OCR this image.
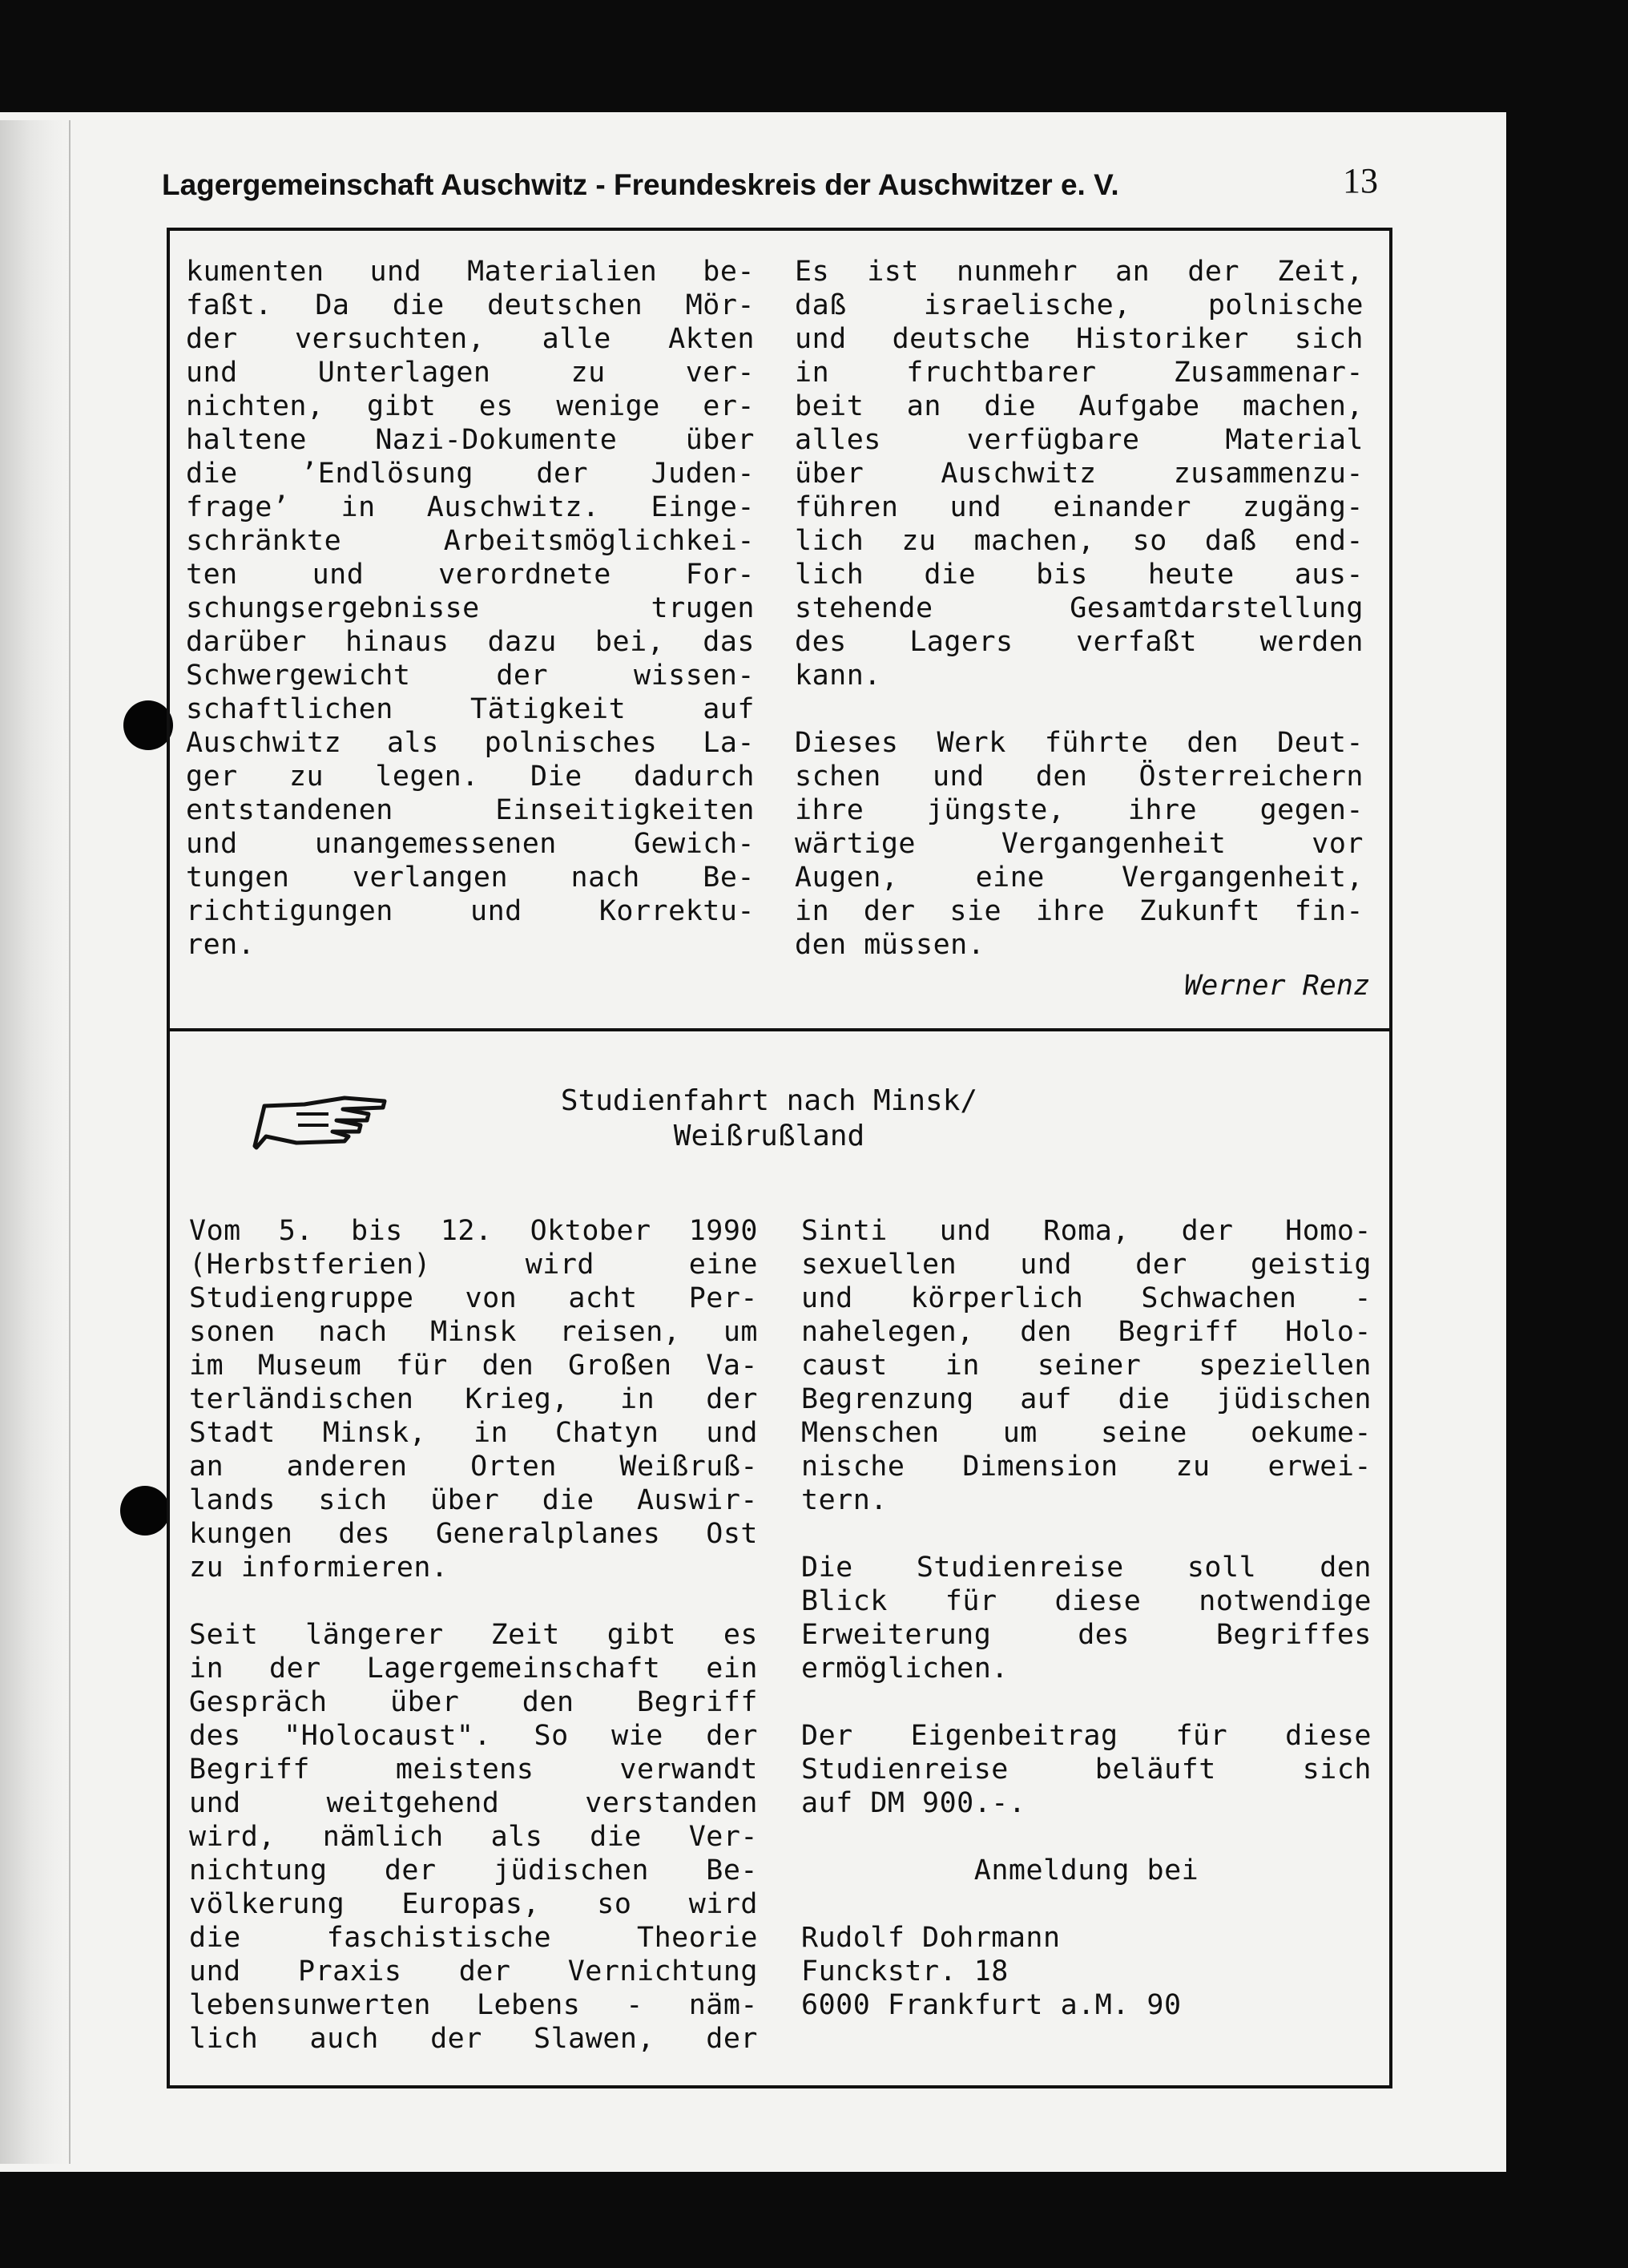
Lagergemeinschaft Auschwitz - Freundeskreis der Auschwitzer e. V.	13
kumenten und Materialien be-
faßt. Da die deutschen Mör-
der versuchten, alle Akten
und Unterlagen zu ver-
nichten, gibt es wenige er-
haltene Nazi-Dokumente über
die ’Endlösung der Juden-
frage’ in Auschwitz. Einge-
schränkte Arbeitsmöglichkei-
ten und verordnete For-
schungsergebnisse trugen
darüber hinaus dazu bei, das
Schwergewicht der wissen-
schaftlichen Tätigkeit auf
Auschwitz als polnisches La-
ger zu legen. Die dadurch
entstandenen Einseitigkeiten
und unangemessenen Gewich-
tungen verlangen nach Be-
richtigungen und Korrektu-
ren.
Es ist nunmehr an der Zeit,
daß israelische, polnische
und deutsche Historiker sich
in fruchtbarer Zusammenar-
beit an die Aufgabe machen,
alles verfügbare Material
über Auschwitz zusammenzu-
führen und einander zugäng-
lich zu machen, so daß end-
lich die bis heute aus-
stehende Gesamtdarstellung
des Lagers verfaßt werden
kann.
Dieses Werk führte den Deut-
schen und den Österreichern
ihre jüngste, ihre gegen-
wärtige Vergangenheit vor
Augen, eine Vergangenheit,
in der sie ihre Zukunft fin-
den müssen.
Werner Renz
Studienfahrt nach Minsk/
Weißrußland
Vom 5. bis 12. Oktober 1990
(Herbstferien) wird eine
Studiengruppe von acht Per-
sonen nach Minsk reisen, um
im Museum für den Großen Va-
terländischen Krieg, in der
Stadt Minsk, in Chatyn und
an anderen Orten Weißruß-
lands sich über die Auswir-
kungen des Generalplanes Ost
zu informieren.
Seit längerer Zeit gibt es
in der Lagergemeinschaft ein
Gespräch über den Begriff
des "Holocaust". So wie der
Begriff meistens verwandt
und weitgehend verstanden
wird, nämlich als die Ver-
nichtung der jüdischen Be-
völkerung Europas, so wird
die faschistische Theorie
und Praxis der Vernichtung
lebensunwerten Lebens - näm-
lich auch der Slawen, der
Sinti und Roma, der Homo-
sexuellen und der geistig
und körperlich Schwachen -
nahelegen, den Begriff Holo-
caust in seiner speziellen
Begrenzung auf die jüdischen
Menschen um seine oekume-
nische Dimension zu erwei-
tern.
Die Studienreise soll den
Blick für diese notwendige
Erweiterung des Begriffes
ermöglichen.
Der Eigenbeitrag für diese
Studienreise beläuft sich
auf DM 900.-.
Anmeldung bei
Rudolf Dohrmann
Funckstr. 18
6000 Frankfurt a.M. 90
